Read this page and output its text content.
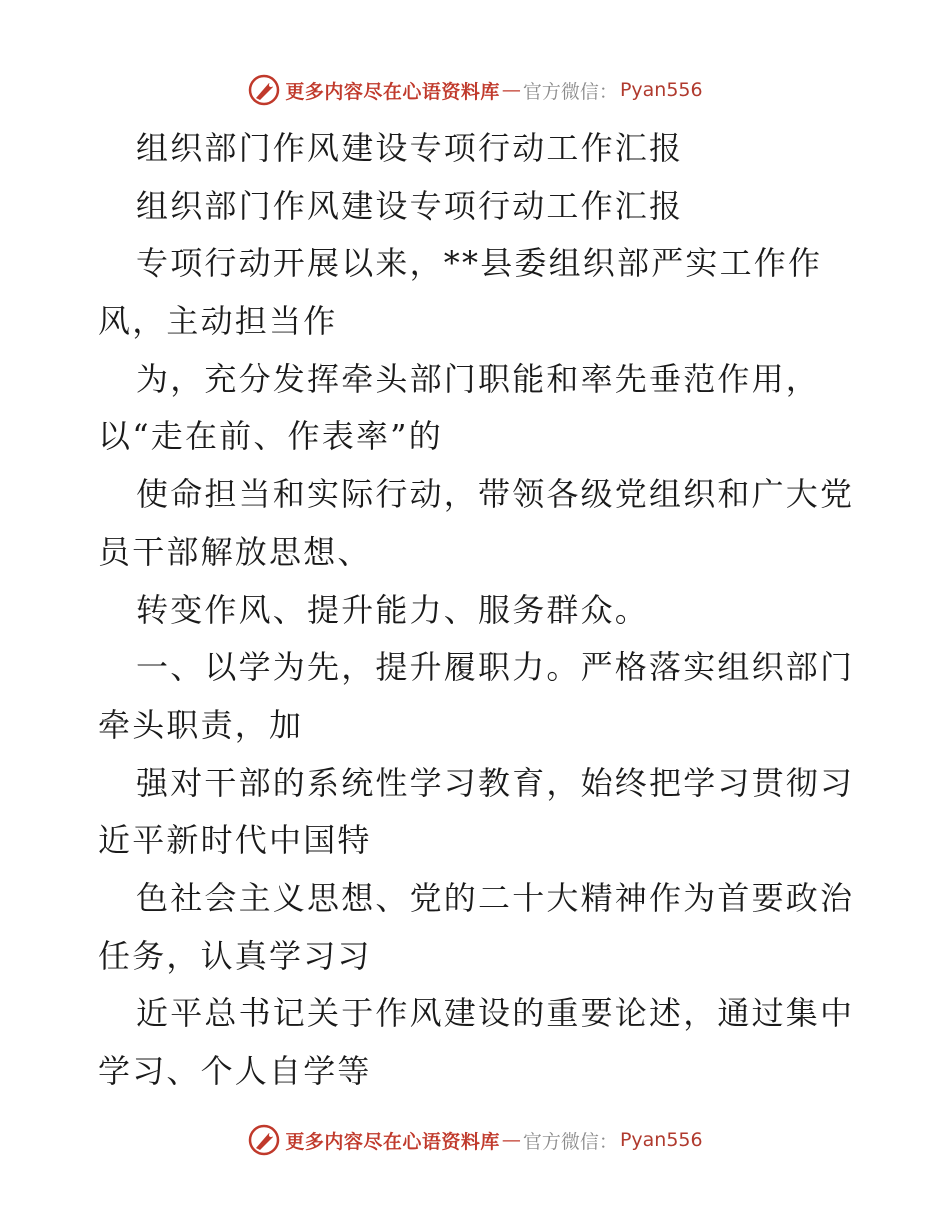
更多内容尽在心语资料库 — 官方微信： Pyan556
组织部门作风建设专项行动工作汇报
组织部门作风建设专项行动工作汇报
专项行动开展以来，**县委组织部严实工作作
风，主动担当作
为，充分发挥牵头部门职能和率先垂范作用，
以“走在前、作表率”的
使命担当和实际行动，带领各级党组织和广大党
员干部解放思想、
转变作风、提升能力、服务群众。
一、以学为先，提升履职力。严格落实组织部门
牵头职责，加
强对干部的系统性学习教育，始终把学习贯彻习
近平新时代中国特
色社会主义思想、党的二十大精神作为首要政治
任务，认真学习习
近平总书记关于作风建设的重要论述，通过集中
学习、个人自学等
更多内容尽在心语资料库 — 官方微信： Pyan556
